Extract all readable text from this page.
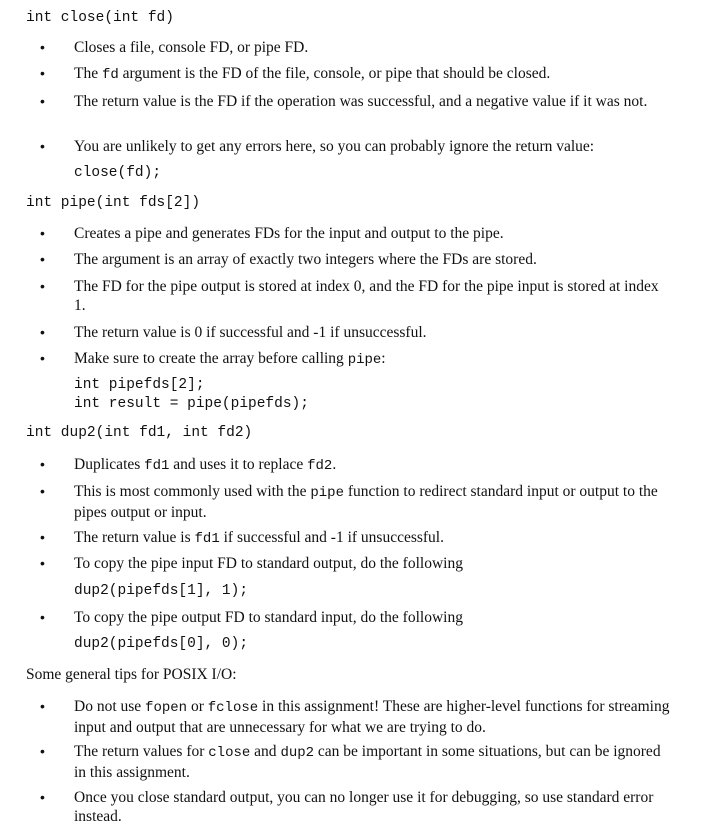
int close(int fd)
• Closes a file, console FD, or pipe FD.
• The fd argument is the FD of the file, console, or pipe that should be closed.
• The return value is the FD if the operation was successful, and a negative value if it was not.
• You are unlikely to get any errors here, so you can probably ignore the return value:
close(fd);
int pipe(int fds[2])
• Creates a pipe and generates FDs for the input and output to the pipe.
• The argument is an array of exactly two integers where the FDs are stored.
• The FD for the pipe output is stored at index 0, and the FD for the pipe input is stored at index 1.
• The return value is 0 if successful and -1 if unsuccessful.
• Make sure to create the array before calling pipe:
int pipefds[2];
int result = pipe(pipefds);
int dup2(int fd1, int fd2)
• Duplicates fd1 and uses it to replace fd2.
• This is most commonly used with the pipe function to redirect standard input or output to the pipes output or input.
• The return value is fd1 if successful and -1 if unsuccessful.
• To copy the pipe input FD to standard output, do the following
dup2(pipefds[1], 1);
• To copy the pipe output FD to standard input, do the following
dup2(pipefds[0], 0);
Some general tips for POSIX I/O:
• Do not use fopen or fclose in this assignment! These are higher-level functions for streaming input and output that are unnecessary for what we are trying to do.
• The return values for close and dup2 can be important in some situations, but can be ignored in this assignment.
• Once you close standard output, you can no longer use it for debugging, so use standard error instead.
